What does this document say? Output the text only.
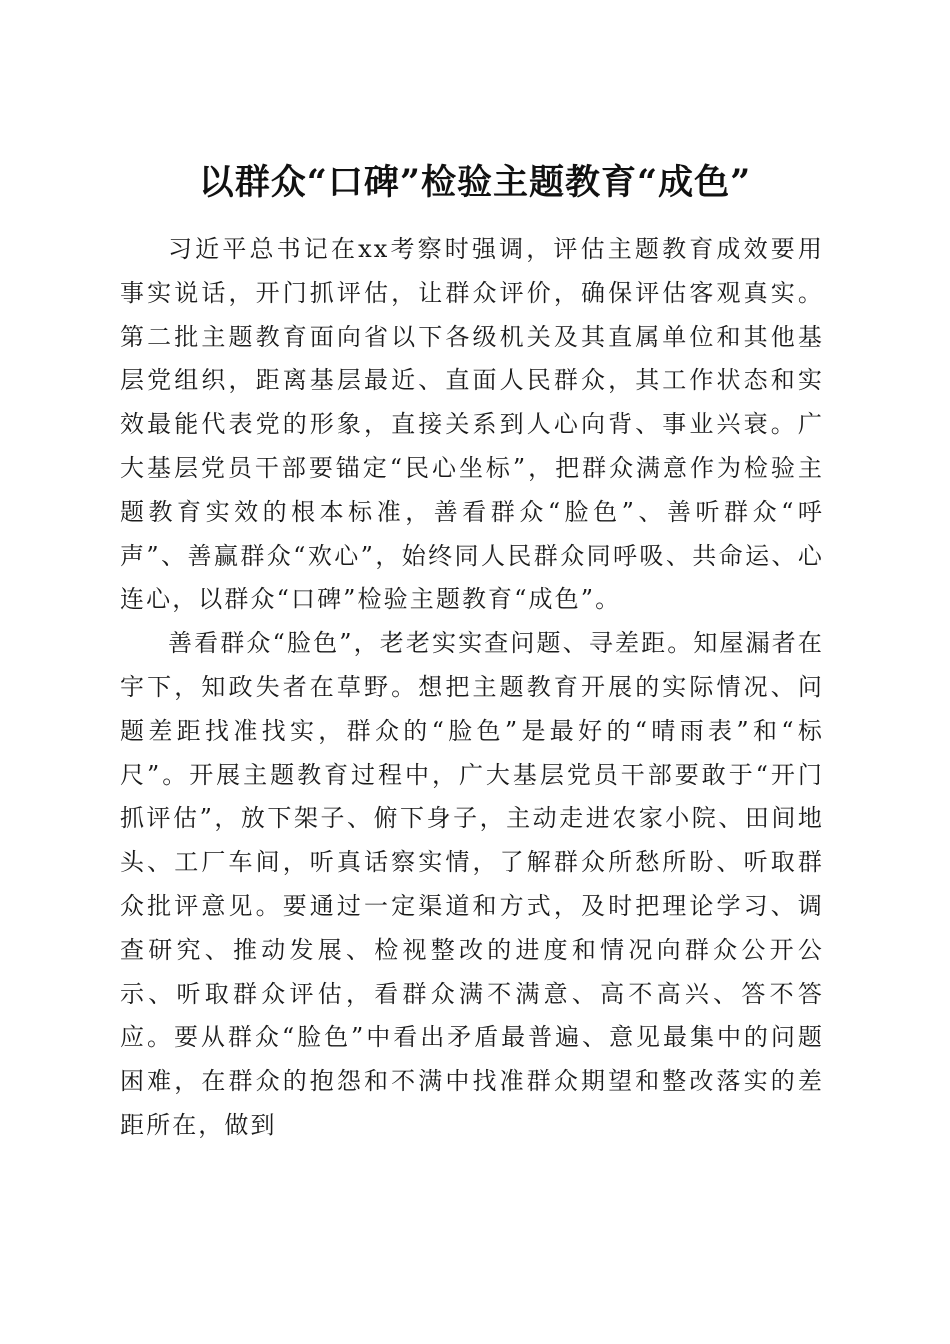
以群众“口碑”检验主题教育“成色”

习近平总书记在xx考察时强调，评估主题教育成效要用事实说话，开门抓评估，让群众评价，确保评估客观真实。第二批主题教育面向省以下各级机关及其直属单位和其他基层党组织，距离基层最近、直面人民群众，其工作状态和实效最能代表党的形象，直接关系到人心向背、事业兴衰。广大基层党员干部要锚定“民心坐标”，把群众满意作为检验主题教育实效的根本标准，善看群众“脸色”、善听群众“呼声”、善赢群众“欢心”，始终同人民群众同呼吸、共命运、心连心，以群众“口碑”检验主题教育“成色”。

善看群众“脸色”，老老实实查问题、寻差距。知屋漏者在宇下，知政失者在草野。想把主题教育开展的实际情况、问题差距找准找实，群众的“脸色”是最好的“晴雨表”和“标尺”。开展主题教育过程中，广大基层党员干部要敢于“开门抓评估”，放下架子、俯下身子，主动走进农家小院、田间地头、工厂车间，听真话察实情，了解群众所愁所盼、听取群众批评意见。要通过一定渠道和方式，及时把理论学习、调查研究、推动发展、检视整改的进度和情况向群众公开公示、听取群众评估，看群众满不满意、高不高兴、答不答应。要从群众“脸色”中看出矛盾最普遍、意见最集中的问题困难，在群众的抱怨和不满中找准群众期望和整改落实的差距所在，做到
